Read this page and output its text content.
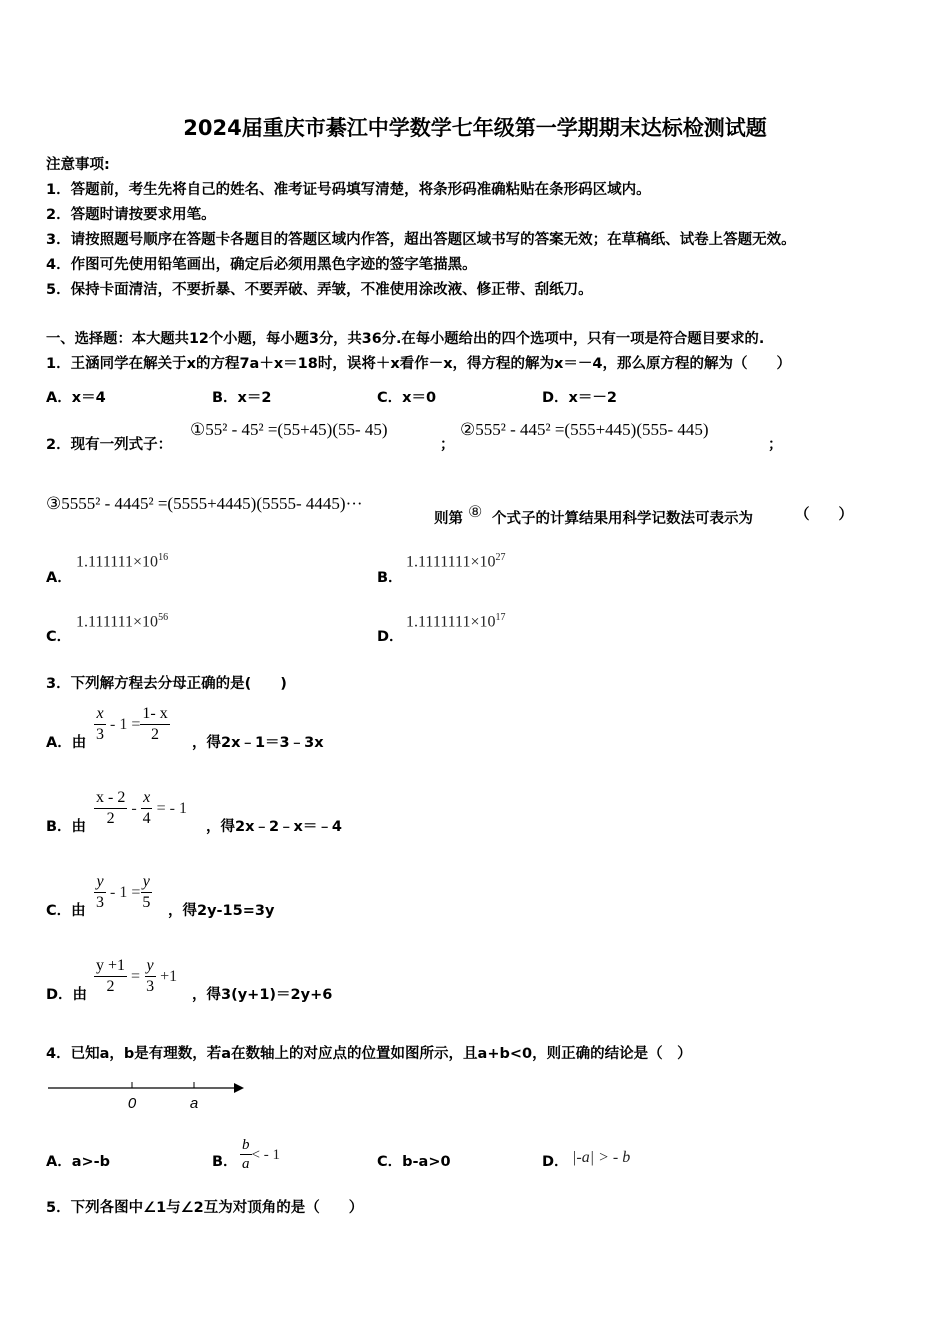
2024届重庆市綦江中学数学七年级第一学期期末达标检测试题
注意事项:
1．答题前，考生先将自己的姓名、准考证号码填写清楚，将条形码准确粘贴在条形码区域内。
2．答题时请按要求用笔。
3．请按照题号顺序在答题卡各题目的答题区域内作答，超出答题区域书写的答案无效；在草稿纸、试卷上答题无效。
4．作图可先使用铅笔画出，确定后必须用黑色字迹的签字笔描黑。
5．保持卡面清洁，不要折暴、不要弄破、弄皱，不准使用涂改液、修正带、刮纸刀。
一、选择题：本大题共12个小题，每小题3分，共36分.在每小题给出的四个选项中，只有一项是符合题目要求的.
1．王涵同学在解关于x的方程7a＋x＝18时，误将＋x看作－x，得方程的解为x＝－4，那么原方程的解为（　　）
A．x＝4	B．x＝2	C．x＝0	D．x＝－2
2．现有一列式子：
①55² - 45² =(55+45)(55- 45)
；
②555² - 445² =(555+445)(555- 445)
；
③5555² - 4445² =(5555+4445)(5555- 4445)···
则第 ⑧ 个式子的计算结果用科学记数法可表示为	（　　）
A．
$1.111111\times 10^{16}$
B．
$1.1111111\times 10^{27}$
C．
$1.111111\times 10^{56}$
D．
$1.1111111\times 10^{17}$
3．下列解方程去分母正确的是(　　)
A．由 $\frac{x}{3} - 1 = \frac{1- x}{2}$ ，得2x﹣1＝3﹣3x
B．由 $\frac{x - 2}{2} - \frac{x}{4}$ = - 1
，得2x﹣2﹣x＝﹣4
C．由 $\frac{y}{3} - 1 = \frac{y}{5}$ ，得2y-15=3y
D．由 $\frac{y +1}{2} = \frac{y}{3} +1$
，得3(y+1)＝2y+6
4．已知a，b是有理数，若a在数轴上的对应点的位置如图所示，且a+b<0，则正确的结论是（　）
0	a
A．a>-b	B． $\frac{b}{a}$ < - 1	C．b-a>0	D． |-a| > - b
5．下列各图中∠1与∠2互为对顶角的是（　　）
